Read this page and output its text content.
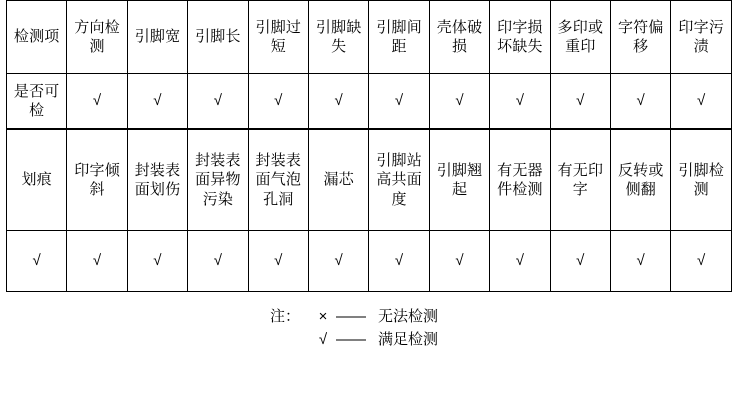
检测项	方向检测	引脚宽	引脚长	引脚过短	引脚缺失	引脚间距	壳体破损	印字损坏缺失	多印或重印	字符偏移	印字污渍
是否可检	√	√	√	√	√	√	√	√	√	√	√
划痕	印字倾斜	封装表面划伤	封装表面异物污染	封装表面气泡孔洞	漏芯	引脚站高共面度	引脚翘起	有无器件检测	有无印字	反转或侧翻	引脚检测
√	√	√	√	√	√	√	√	√	√	√	√
注：	× —— 无法检测
√ —— 满足检测
